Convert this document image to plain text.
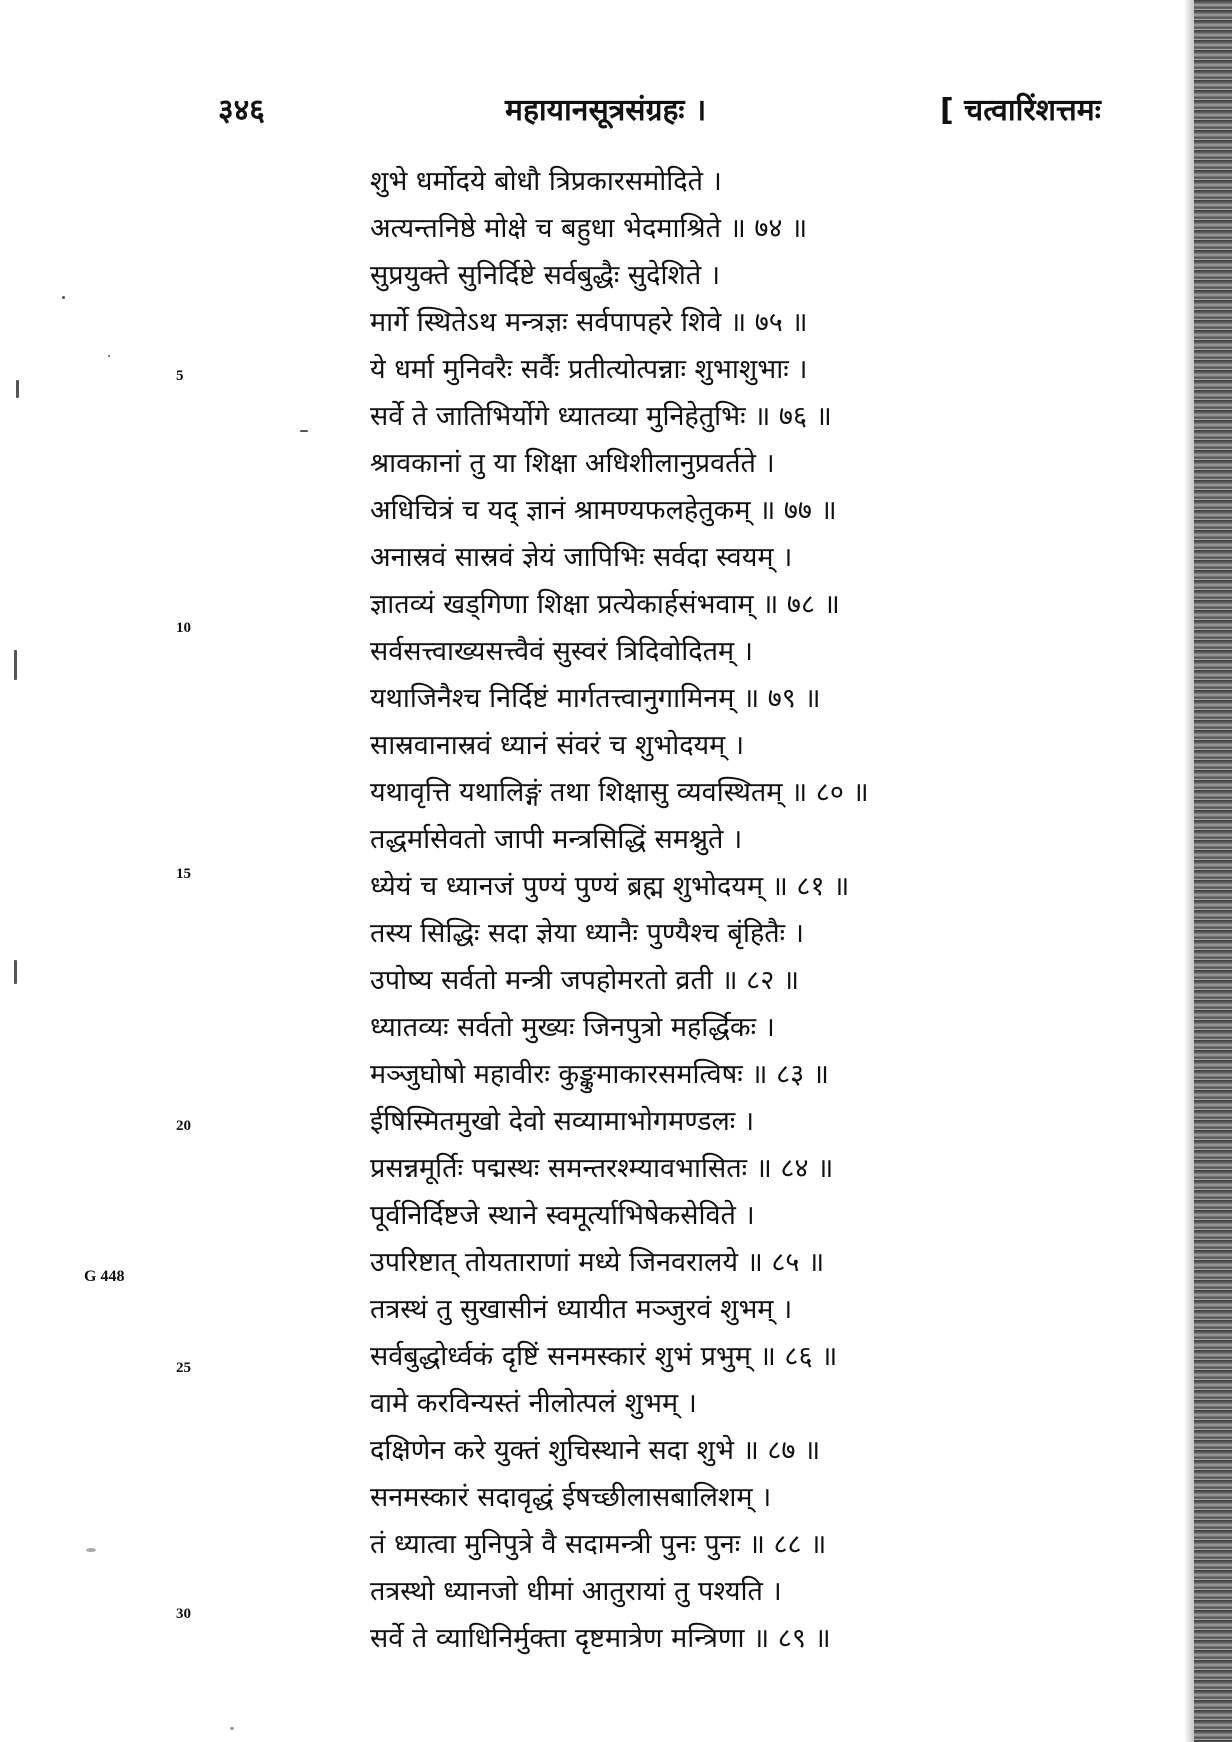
३४६	महायानसूत्रसंग्रहः ।	[ चत्वारिंशत्तमः
5
10
15
20
25
30
G 448
शुभे धर्मोदये बोधौ त्रिप्रकारसमोदिते ।
अत्यन्तनिष्ठे मोक्षे च बहुधा भेदमाश्रिते ॥ ७४ ॥
सुप्रयुक्ते सुनिर्दिष्टे सर्वबुद्धैः सुदेशिते ।
मार्गे स्थितेऽथ मन्त्रज्ञः सर्वपापहरे शिवे ॥ ७५ ॥
ये धर्मा मुनिवरैः सर्वैः प्रतीत्योत्पन्नाः शुभाशुभाः ।
सर्वे ते जातिभिर्योगे ध्यातव्या मुनिहेतुभिः ॥ ७६ ॥
श्रावकानां तु या शिक्षा अधिशीलानुप्रवर्तते ।
अधिचित्रं च यद् ज्ञानं श्रामण्यफलहेतुकम् ॥ ७७ ॥
अनास्रवं सास्रवं ज्ञेयं जापिभिः सर्वदा स्वयम् ।
ज्ञातव्यं खड्गिणा शिक्षा प्रत्येकार्हसंभवाम् ॥ ७८ ॥
सर्वसत्त्वाख्यसत्त्वैवं सुस्वरं त्रिदिवोदितम् ।
यथाजिनैश्च निर्दिष्टं मार्गतत्त्वानुगामिनम् ॥ ७९ ॥
सास्रवानास्रवं ध्यानं संवरं च शुभोदयम् ।
यथावृत्ति यथालिङ्गं तथा शिक्षासु व्यवस्थितम् ॥ ८० ॥
तद्धर्मासेवतो जापी मन्त्रसिद्धिं समश्नुते ।
ध्येयं च ध्यानजं पुण्यं पुण्यं ब्रह्म शुभोदयम् ॥ ८१ ॥
तस्य सिद्धिः सदा ज्ञेया ध्यानैः पुण्यैश्च बृंहितैः ।
उपोष्य सर्वतो मन्त्री जपहोमरतो व्रती ॥ ८२ ॥
ध्यातव्यः सर्वतो मुख्यः जिनपुत्रो महर्द्धिकः ।
मञ्जुघोषो महावीरः कुङ्कुमाकारसमत्विषः ॥ ८३ ॥
ईषिस्मितमुखो देवो सव्यामाभोगमण्डलः ।
प्रसन्नमूर्तिः पद्मस्थः समन्तरश्म्यावभासितः ॥ ८४ ॥
पूर्वनिर्दिष्टजे स्थाने स्वमूर्त्याभिषेकसेविते ।
उपरिष्टात् तोयताराणां मध्ये जिनवरालये ॥ ८५ ॥
तत्रस्थं तु सुखासीनं ध्यायीत मञ्जुरवं शुभम् ।
सर्वबुद्धोर्ध्वकं दृष्टिं सनमस्कारं शुभं प्रभुम् ॥ ८६ ॥
वामे करविन्यस्तं नीलोत्पलं शुभम् ।
दक्षिणेन करे युक्तं शुचिस्थाने सदा शुभे ॥ ८७ ॥
सनमस्कारं सदावृद्धं ईषच्छीलासबालिशम् ।
तं ध्यात्वा मुनिपुत्रे वै सदामन्त्री पुनः पुनः ॥ ८८ ॥
तत्रस्थो ध्यानजो धीमां आतुरायां तु पश्यति ।
सर्वे ते व्याधिनिर्मुक्ता दृष्टमात्रेण मन्त्रिणा ॥ ८९ ॥
